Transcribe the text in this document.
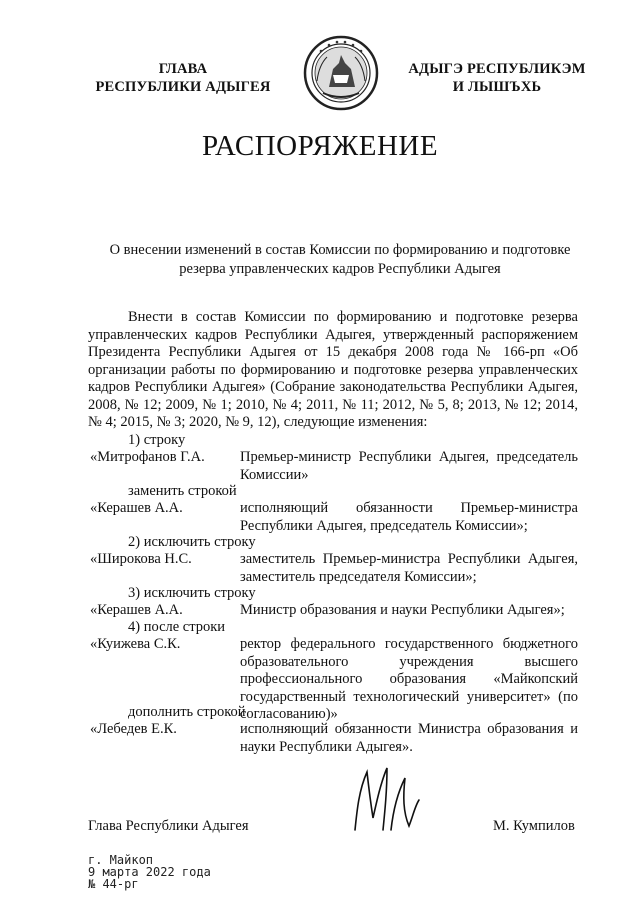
ГЛАВА
РЕСПУБЛИКИ АДЫГЕЯ
АДЫГЭ РЕСПУБЛИКЭМ
И ЛЫШЪХЬ
РАСПОРЯЖЕНИЕ
О внесении изменений в состав Комиссии по формированию и подготовке
резерва управленческих кадров Республики Адыгея
Внести в состав Комиссии по формированию и подготовке резерва управленческих кадров Республики Адыгея, утвержденный распоряжением Президента Республики Адыгея от 15 декабря 2008 года № 166-рп «Об организации работы по формированию и подготовке резерва управленческих кадров Республики Адыгея» (Собрание законодательства Республики Адыгея, 2008, № 12; 2009, № 1; 2010, № 4; 2011, № 11; 2012, № 5, 8; 2013, № 12; 2014, № 4; 2015, № 3; 2020, № 9, 12), следующие изменения:
1) строку
«Митрофанов Г.А. Премьер-министр Республики Адыгея, председатель Комиссии»
заменить строкой
«Керашев А.А.	исполняющий обязанности Премьер-министра Республики Адыгея, председатель Комиссии»;
2) исключить строку
«Широкова Н.С.	заместитель Премьер-министра Республики Адыгея, заместитель председателя Комиссии»;
3) исключить строку
«Керашев А.А.	Министр образования и науки Республики Адыгея»;
4) после строки
«Куижева С.К.	ректор федерального государственного бюджетного образовательного учреждения высшего профессионального образования «Майкопский государственный технологический университет» (по согласованию)»
дополнить строкой
«Лебедев Е.К.	исполняющий обязанности Министра образования и науки Республики Адыгея».
Глава Республики Адыгея	М. Кумпилов
г. Майкоп
9 марта 2022 года
№ 44-рг
